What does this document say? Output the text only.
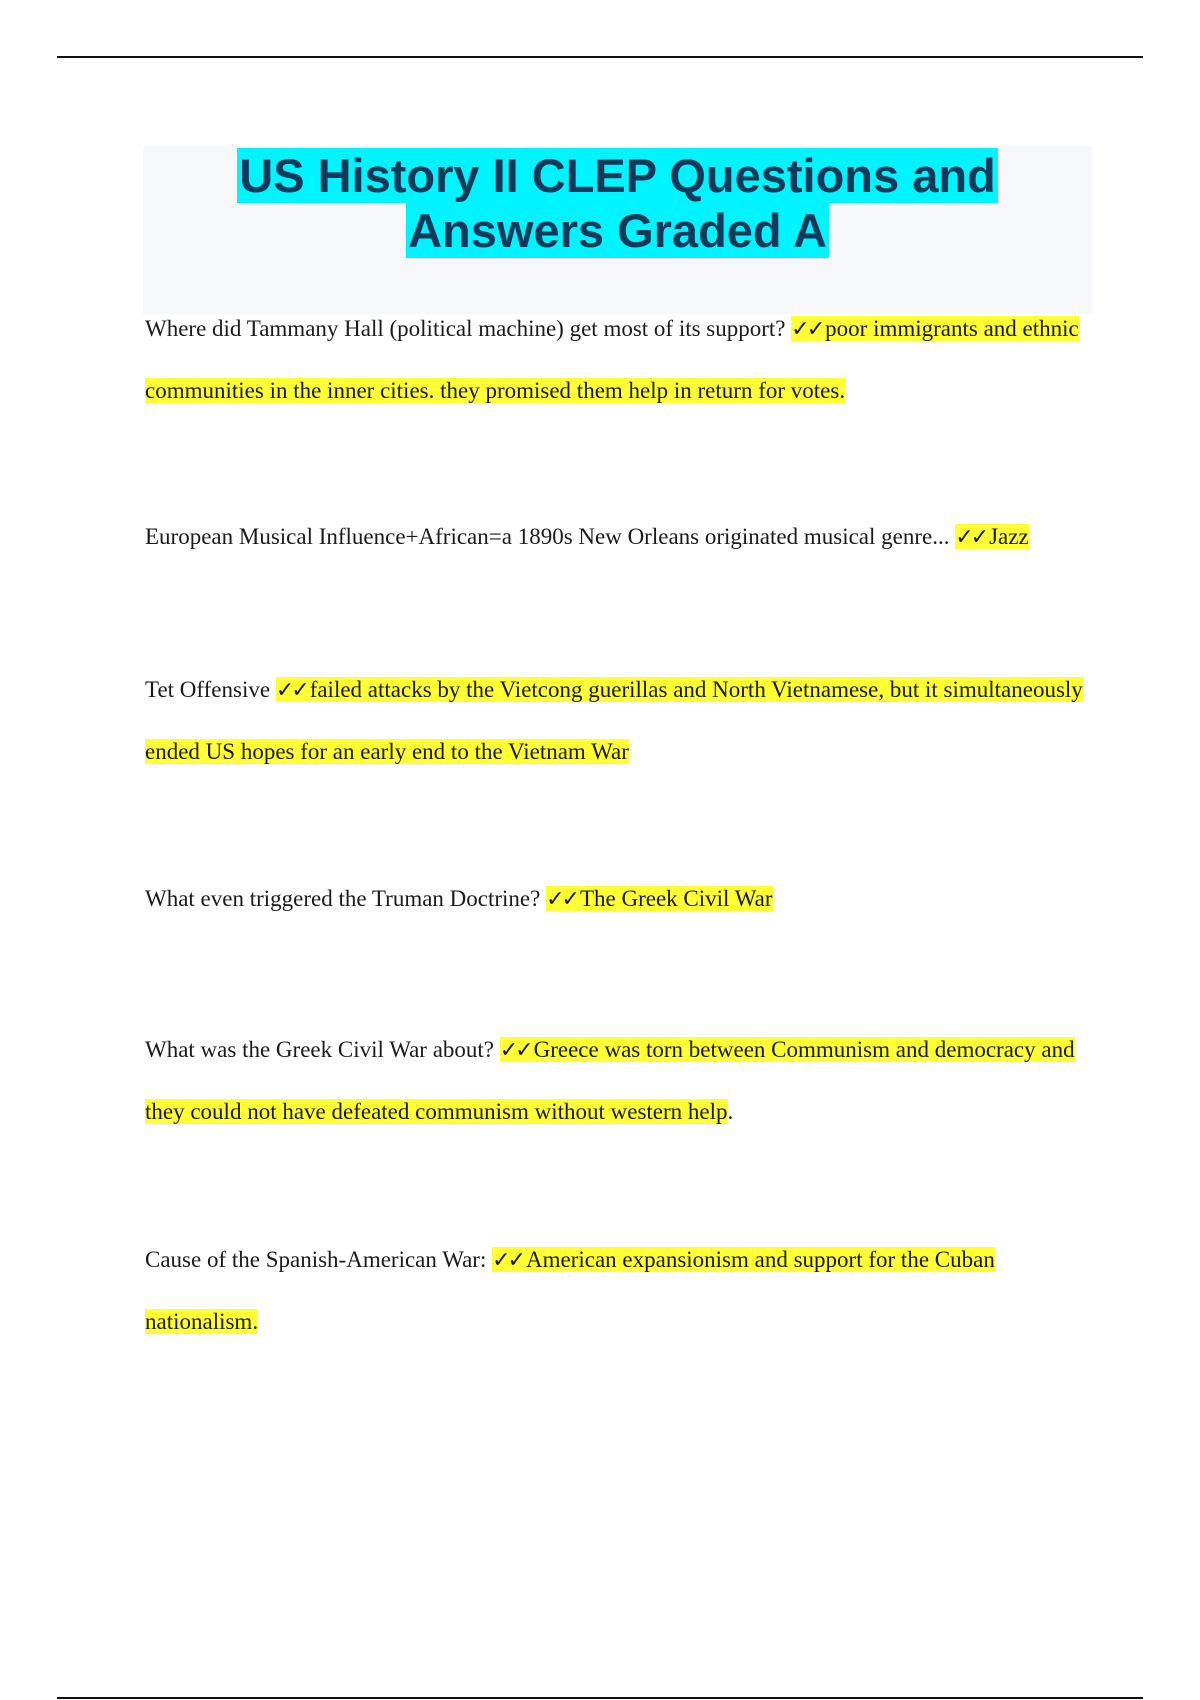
US History II CLEP Questions and
Answers Graded A

Where did Tammany Hall (political machine) get most of its support? ✓✓ poor immigrants and ethnic communities in the inner cities. they promised them help in return for votes.

European Musical Influence+African=a 1890s New Orleans originated musical genre... ✓✓ Jazz

Tet Offensive ✓✓ failed attacks by the Vietcong guerillas and North Vietnamese, but it simultaneously ended US hopes for an early end to the Vietnam War

What even triggered the Truman Doctrine? ✓✓ The Greek Civil War

What was the Greek Civil War about? ✓✓ Greece was torn between Communism and democracy and they could not have defeated communism without western help.

Cause of the Spanish-American War: ✓✓ American expansionism and support for the Cuban nationalism.
